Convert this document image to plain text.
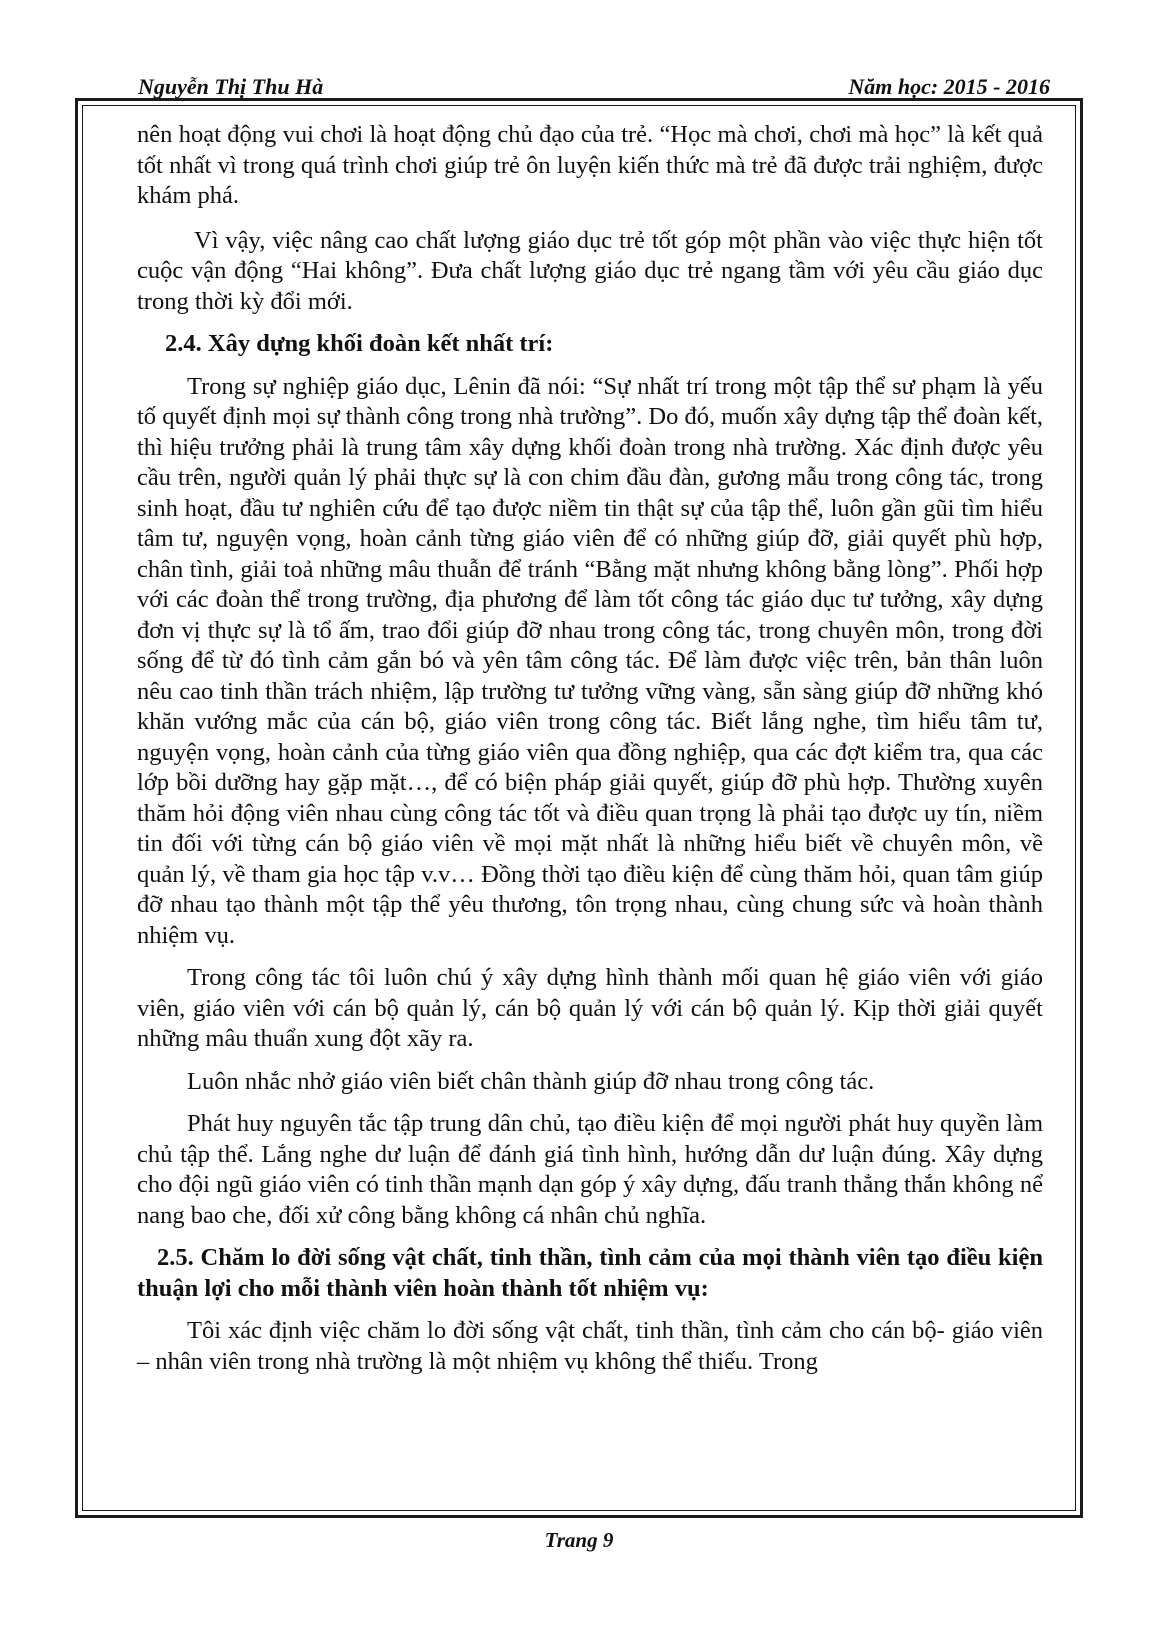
Nguyễn Thị Thu Hà	Năm học: 2015 - 2016

nên hoạt động vui chơi là hoạt động chủ đạo của trẻ. “Học mà chơi, chơi mà học” là kết quả tốt nhất vì trong quá trình chơi giúp trẻ ôn luyện kiến thức mà trẻ đã được trải nghiệm, được khám phá.

Vì vậy, việc nâng cao chất lượng giáo dục trẻ tốt góp một phần vào việc thực hiện tốt cuộc vận động “Hai không”. Đưa chất lượng giáo dục trẻ ngang tầm với yêu cầu giáo dục trong thời kỳ đổi mới.

2.4. Xây dựng khối đoàn kết nhất trí:

Trong sự nghiệp giáo dục, Lênin đã nói: “Sự nhất trí trong một tập thể sư phạm là yếu tố quyết định mọi sự thành công trong nhà trường”. Do đó, muốn xây dựng tập thể đoàn kết, thì hiệu trưởng phải là trung tâm xây dựng khối đoàn trong nhà trường. Xác định được yêu cầu trên, người quản lý phải thực sự là con chim đầu đàn, gương mẫu trong công tác, trong sinh hoạt, đầu tư nghiên cứu để tạo được niềm tin thật sự của tập thể, luôn gần gũi tìm hiểu tâm tư, nguyện vọng, hoàn cảnh từng giáo viên để có những giúp đỡ, giải quyết phù hợp, chân tình, giải toả những mâu thuẫn để tránh “Bằng mặt nhưng không bằng lòng”. Phối hợp với các đoàn thể trong trường, địa phương để làm tốt công tác giáo dục tư tưởng, xây dựng đơn vị thực sự là tổ ấm, trao đổi giúp đỡ nhau trong công tác, trong chuyên môn, trong đời sống để từ đó tình cảm gắn bó và yên tâm công tác. Để làm được việc trên, bản thân luôn nêu cao tinh thần trách nhiệm, lập trường tư tưởng vững vàng, sẵn sàng giúp đỡ những khó khăn vướng mắc của cán bộ, giáo viên trong công tác. Biết lắng nghe, tìm hiểu tâm tư, nguyện vọng, hoàn cảnh của từng giáo viên qua đồng nghiệp, qua các đợt kiểm tra, qua các lớp bồi dưỡng hay gặp mặt…, để có biện pháp giải quyết, giúp đỡ phù hợp. Thường xuyên thăm hỏi động viên nhau cùng công tác tốt và điều quan trọng là phải tạo được uy tín, niềm tin đối với từng cán bộ giáo viên về mọi mặt nhất là những hiểu biết về chuyên môn, về quản lý, về tham gia học tập v.v… Đồng thời tạo điều kiện để cùng thăm hỏi, quan tâm giúp đỡ nhau tạo thành một tập thể yêu thương, tôn trọng nhau, cùng chung sức và hoàn thành nhiệm vụ.

Trong công tác tôi luôn chú ý xây dựng hình thành mối quan hệ giáo viên với giáo viên, giáo viên với cán bộ quản lý, cán bộ quản lý với cán bộ quản lý. Kịp thời giải quyết những mâu thuẩn xung đột xãy ra.

Luôn nhắc nhở giáo viên biết chân thành giúp đỡ nhau trong công tác.

Phát huy nguyên tắc tập trung dân chủ, tạo điều kiện để mọi người phát huy quyền làm chủ tập thể. Lắng nghe dư luận để đánh giá tình hình, hướng dẫn dư luận đúng. Xây dựng cho đội ngũ giáo viên có tinh thần mạnh dạn góp ý xây dựng, đấu tranh thẳng thắn không nể nang bao che, đối xử công bằng không cá nhân chủ nghĩa.

2.5. Chăm lo đời sống vật chất, tinh thần, tình cảm của mọi thành viên tạo điều kiện thuận lợi cho mỗi thành viên hoàn thành tốt nhiệm vụ:

Tôi xác định việc chăm lo đời sống vật chất, tinh thần, tình cảm cho cán bộ- giáo viên – nhân viên trong nhà trường là một nhiệm vụ không thể thiếu. Trong

Trang 9
